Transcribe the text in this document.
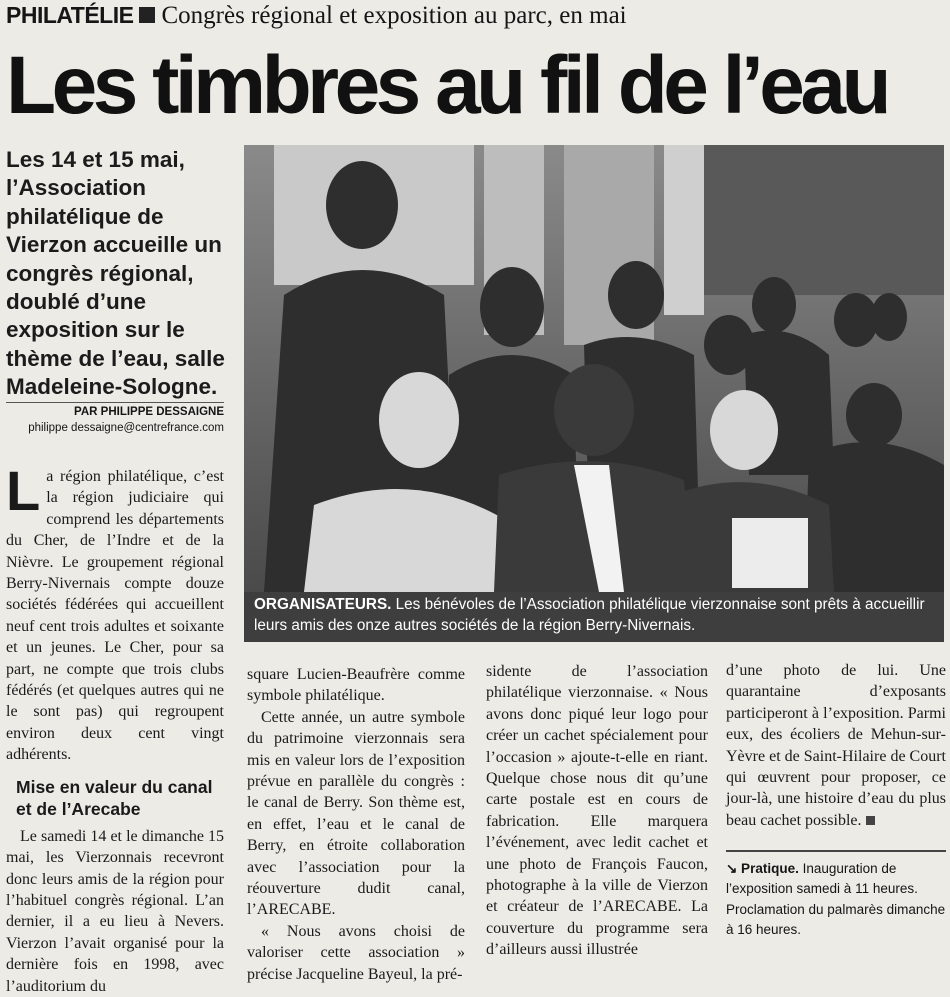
PHILATÉLIE Congrès régional et exposition au parc, en mai
Les timbres au fil de l’eau
Les 14 et 15 mai, l’Association philatélique de Vierzon accueille un congrès régional, doublé d’une exposition sur le thème de l’eau, salle Madeleine-Sologne.
PAR PHILIPPE DESSAIGNE
philippe dessaigne@centrefrance.com
ORGANISATEURS. Les bénévoles de l’Association philatélique vierzonnaise sont prêts à accueillir leurs amis des onze autres sociétés de la région Berry-Nivernais.

La région philatélique, c’est la région judiciaire qui comprend les départements du Cher, de l’Indre et de la Nièvre. Le groupement régional Berry-Nivernais compte douze sociétés fédérées qui accueillent neuf cent trois adultes et soixante et un jeunes. Le Cher, pour sa part, ne compte que trois clubs fédérés (et quelques autres qui ne le sont pas) qui regroupent environ deux cent vingt adhérents.

Mise en valeur du canal et de l’Arecabe

Le samedi 14 et le dimanche 15 mai, les Vierzonnais recevront donc leurs amis de la région pour l’habituel congrès régional. L’an dernier, il a eu lieu à Nevers. Vierzon l’avait organisé pour la dernière fois en 1998, avec l’auditorium du

square Lucien-Beaufrère comme symbole philatélique.

Cette année, un autre symbole du patrimoine vierzonnais sera mis en valeur lors de l’exposition prévue en parallèle du congrès : le canal de Berry. Son thème est, en effet, l’eau et le canal de Berry, en étroite collaboration avec l’association pour la réouverture dudit canal, l’ARECABE.

« Nous avons choisi de valoriser cette association » précise Jacqueline Bayeul, la pré-

sidente de l’association philatélique vierzonnaise. « Nous avons donc piqué leur logo pour créer un cachet spécialement pour l’occasion » ajoute-t-elle en riant. Quelque chose nous dit qu’une carte postale est en cours de fabrication. Elle marquera l’événement, avec ledit cachet et une photo de François Faucon, photographe à la ville de Vierzon et créateur de l’ARECABE. La couverture du programme sera d’ailleurs aussi illustrée

d’une photo de lui. Une quarantaine d’exposants participeront à l’exposition. Parmi eux, des écoliers de Mehun-sur-Yèvre et de Saint-Hilaire de Court qui œuvrent pour proposer, ce jour-là, une histoire d’eau du plus beau cachet possible.

↘ Pratique. Inauguration de l’exposition samedi à 11 heures. Proclamation du palmarès dimanche à 16 heures.
